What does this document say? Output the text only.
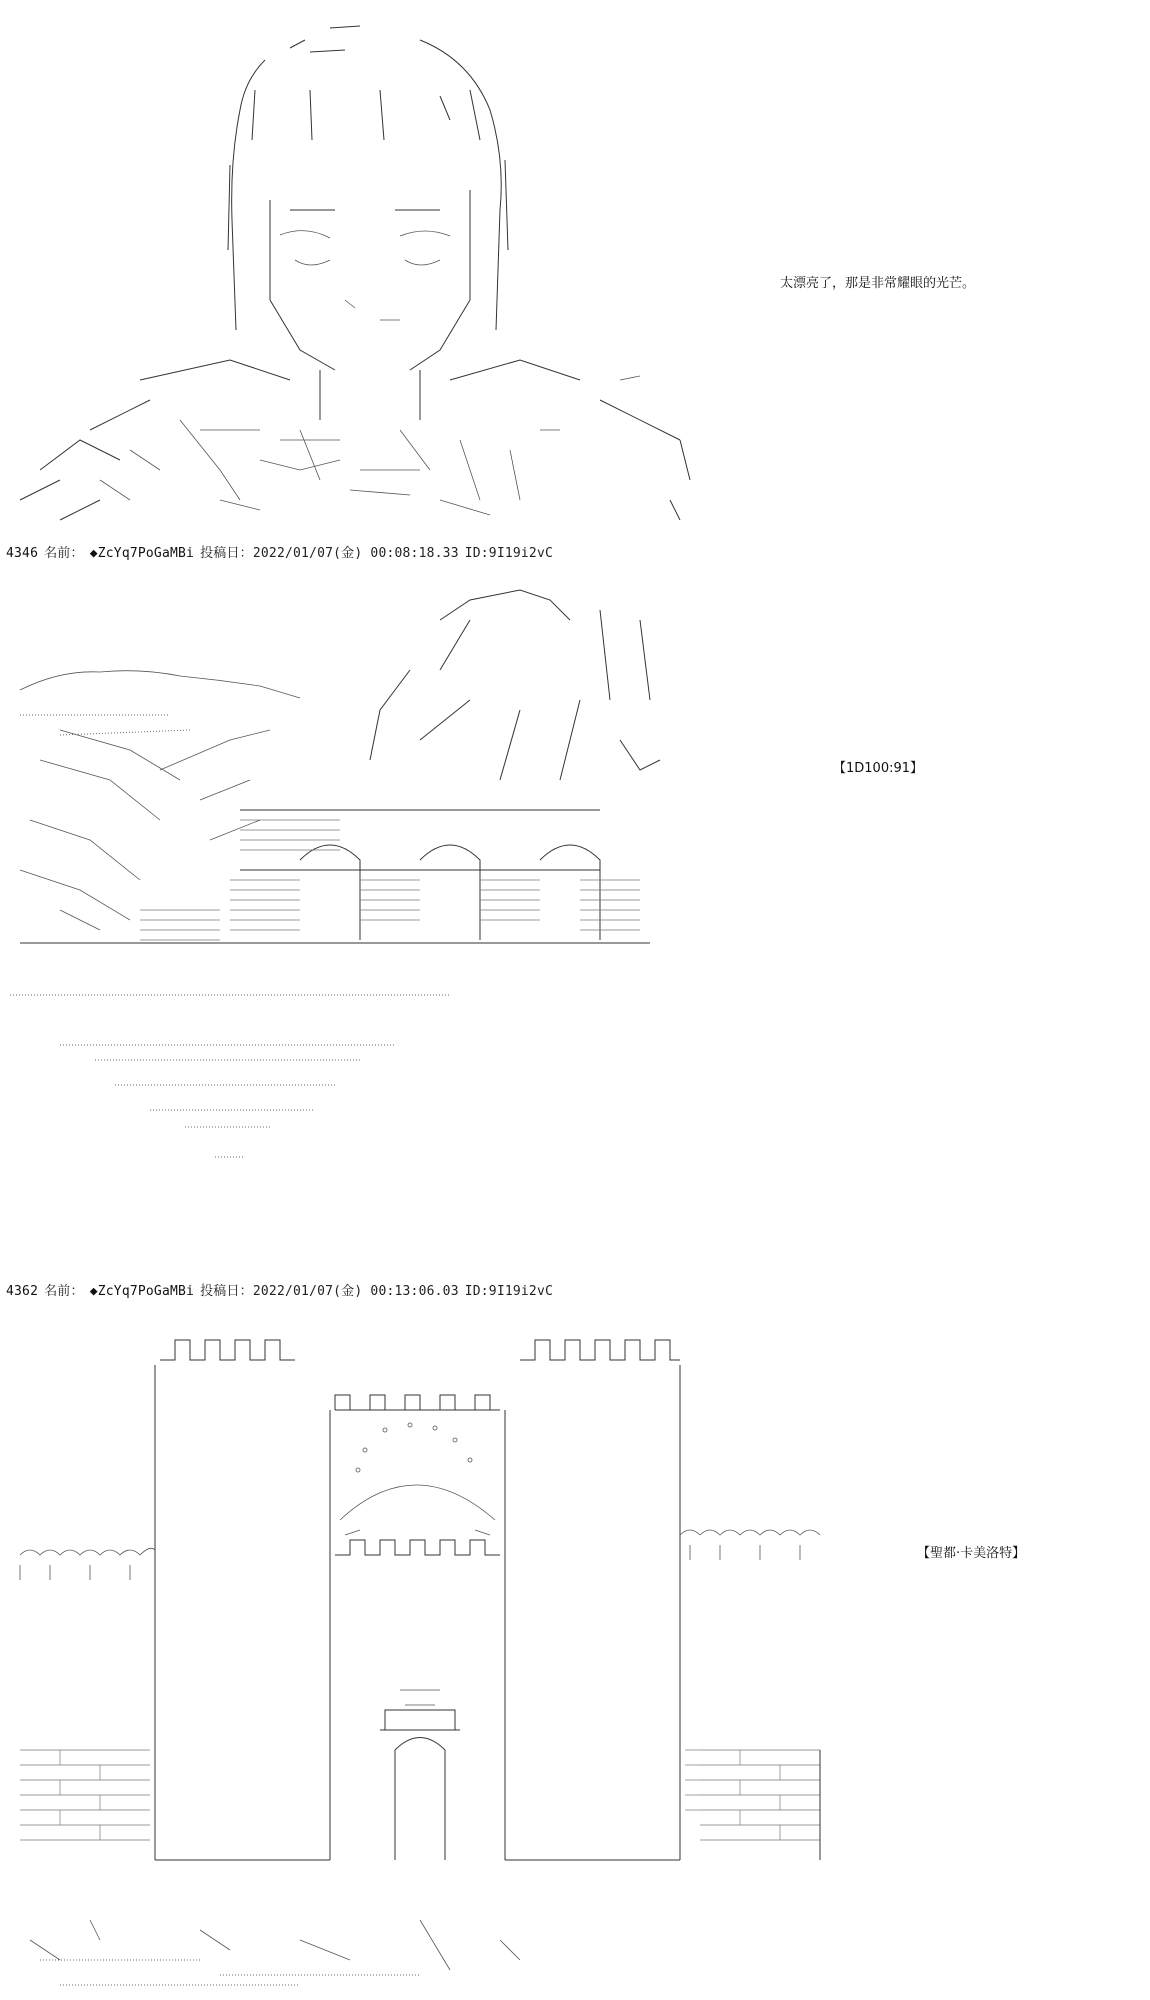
太漂亮了，那是非常耀眼的光芒。
4346 名前： ◆ZcYq7PoGaMBi 投稿日：2022/01/07(金) 00:08:18.33 ID:9I19i2vC
【1D100:91】
4362 名前： ◆ZcYq7PoGaMBi 投稿日：2022/01/07(金) 00:13:06.03 ID:9I19i2vC
【聖都·卡美洛特】
